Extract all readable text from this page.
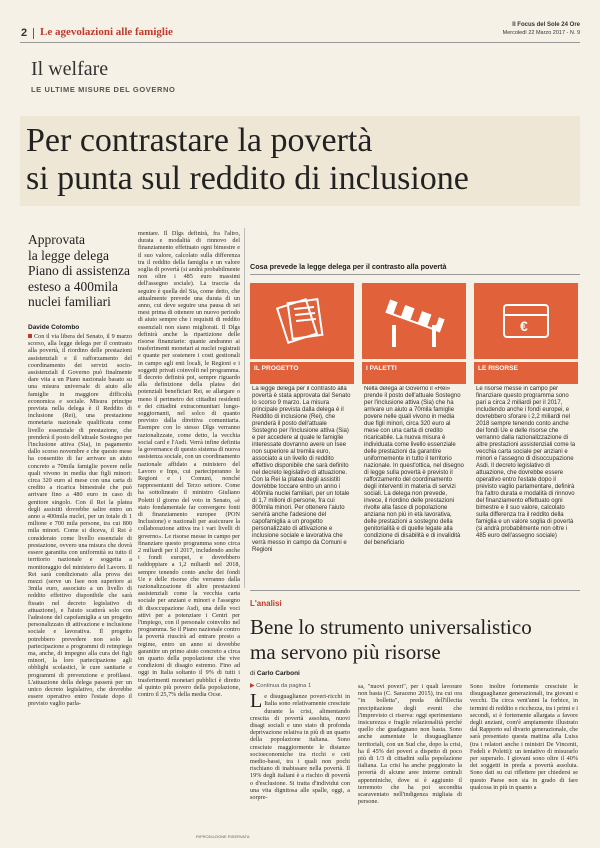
2 Le agevolazioni alle famiglie
Il Focus del Sole 24 Ore
Mercoledì 22 Marzo 2017 - N. 9
Il welfare
LE ULTIME MISURE DEL GOVERNO
Per contrastare la povertà
si punta sul reddito di inclusione
Approvata
la legge delega
Piano di assistenza
esteso a 400mila
nuclei familiari
Davide Colombo
Con il via libera del Senato, il 9 marzo scorso, alla legge delega per il contrasto alla povertà, il riordino delle prestazioni assistenziali e il rafforzamento del coordinamento dei servizi socio-assistenziali il Governo può finalmente dare vita a un Piano nazionale basato su una misura universale di aiuto alle famiglie in maggiore difficoltà economica e sociale. Misura principe prevista nella delega è il Reddito di inclusione (Rei), una prestazione monetaria nazionale qualificata come livello essenziale di prestazione, che prenderà il posto dell'attuale Sostegno per l'inclusione attiva (Sia), in pagamento dallo scorso novembre e che questo mese ha consentito di far arrivare un aiuto concreto a 70mila famiglie povere nelle quali vivono in media due figli minori: circa 320 euro al mese con una carta di credito a ricarica bimestrale che può arrivare fino a 480 euro in caso di genitore singolo. Con il Rei la platea degli assistiti dovrebbe salire entro un anno a 400mila nuclei, per un totale di 1 milione e 700 mila persone, tra cui 800 mila minori. Come si diceva, il Rei è considerato come livello essenziale di prestazione, ovvero una misura che dovrà essere garantita con uniformità su tutto il territorio nazionale e soggetta a monitoraggio del ministero del Lavoro. Il Rei sarà condizionato alla prova dei mezzi (serve un Isee non superiore ai 3mila euro, associato a un livello di reddito effettivo disponibile che sarà fissato nel decreto legislativo di attuazione), e l'aiuto scatterà solo con l'adesione del capofamiglia a un progetto personalizzato di attivazione e inclusione sociale e lavorativa. Il progetto potrebbero prevedere non solo la partecipazione a programmi di reimpiego ma, anche, di impegno alla cura dei figli minori, la loro partecipazione agli obblighi scolastici, le cure sanitarie e programmi di prevenzione e profilassi. L'attuazione della delega passerà per un unico decreto legislativo, che dovrebbe essere operativo entro l'estate dopo il previsto vaglio parla-
mentare. Il Dlgs definirà, fra l'altro, durata e modalità di rinnovo del finanziamento effettuato ogni bimestre e il suo valore, calcolato sulla differenza tra il reddito della famiglia e un valore soglia di povertà (si andrà probabilmente non oltre i 485 euro massimi dell'assegno sociale). La traccia da seguire è quella del Sia, come detto, che attualmente prevede una durata di un anno, cui deve seguire una pausa di sei mesi prima di ottenere un nuovo periodo di aiuto sempre che i requisiti di reddito essenziali non siano migliorati. Il Dlgs definirà anche la ripartizione delle risorse finanziarie: quante andranno ai trasferimenti monetari ai nuclei registrati e quante per sostenere i costi gestionali in campo agli enti locali, le Regioni e i soggetti privati coinvolti nel programma. Il decreto definirà poi, sempre riguardo alla definizione della platea dei potenziali beneficiari Rei, se allargare o meno il perimetro dei cittadini residenti e dei cittadini extracomunitari lungo-soggiornanti, nel solco di quanto previsto dalla direttiva comunitaria. Esempre con lo stesso Dlgs verranno razionalizzate, come detto, la vecchia social card e l'Asdi. Verrà infine definita la governance di questo sistema di nuova assistenza sociale, con un coordinamento nazionale affidato a ministero del Lavoro e Inps, cui parteciperanno le Regioni e i Comuni, nonché rappresentanti del Terzo settore. Come ha sottolineato il ministro Giuliano Poletti il giorno del voto in Senato, «è stato fondamentale far convergere fonti di finanziamento europee (PON Inclusione) e nazionali per assicurare la collaborazione attiva tra i vari livelli di governo». Le risorse messe in campo per finanziare questo programma sono circa 2 miliardi per il 2017, includendo anche i fondi europei, e dovrebbero raddoppiare a 1,2 miliardi nel 2018, sempre tenendo conto anche dei fondi Ue e delle risorse che verranno dalla razionalizzazione di altre prestazioni assistenziali come la vecchia carta sociale per anziani e minori e l'assegno di disoccupazione Asdi, una delle voci attivi per a potenziare i Centri per l'impiego, con il personale coinvolto nel programma. Se il Piano nazionale contro la povertà riuscirà ad entrare presto a regime, entro un anno si dovrebbe garantire un primo aiuto concreto a circa un quarto della popolazione che vive condizioni di disagio estremo. Fino ad oggi in Italia soltanto il 9% di tutti i trasferimenti monetari pubblici è diretto al quinto più povero della popolazione, contro il 25,7% della media Ocse.
Cosa prevede la legge delega per il contrasto alla povertà
IL PROGETTO
La legge delega per il contrasto alla povertà è stata approvata dal Senato lo scorso 9 marzo. La misura principale prevista dalla delega è il Reddito di inclusione (Rei), che prenderà il posto dell'attuale Sostegno per l'inclusione attiva (Sia) e per accedere al quale le famiglie interessate dovranno avere un Isee non superiore al tremila euro, associato a un livello di reddito effettivo disponibile che sarà definito nel decreto legislativo di attuazione. Con la Rei la platea degli assistiti dovrebbe toccare entro un anno i 400mila nuclei familiari, per un totale di 1,7 milioni di persone, fra cui 800mila minori. Per ottenere l'aiuto servirà anche l'adesione del capofamiglia a un progetto personalizzato di attivazione e inclusione sociale e lavorativa che verrà messo in campo da Comuni e Regioni
I PALETTI
Nella delega al Governo il «Rei» prende il posto dell'attuale Sostegno per l'inclusione attiva (Sia) che ha arrivare un aiuto a 70mila famiglie povere nelle quali vivono in media due figli minori, circa 320 euro al mese con una carta di credito ricaricabile. La nuova misura è individuata come livello essenziale delle prestazioni da garantire uniformemente in tutto il territorio nazionale. In quest'ottica, nel disegno di legge sulla povertà è previsto il rafforzamento del coordinamento degli interventi in materia di servizi sociali. La delega non prevede, invece, il riordino delle prestazioni rivolte alla fasce di popolazione anziana non più in età lavorativa, delle prestazioni a sostegno della genitorialità e di quelle legate alla condizione di disabilità e di invalidità del beneficiario
€
LE RISORSE
Le risorse messe in campo per finanziare questo programma sono pari a circa 2 miliardi per il 2017, includendo anche i fondi europei, e dovrebbero sforare i 2,2 miliardi nel 2018 sempre tenendo conto anche dei fondi Ue e delle risorse che verranno dalla razionalizzazione di altre prestazioni assistenziali come la vecchia carta sociale per anziani e minori e l'assegno di disoccupazione Asdi. Il decreto legislativo di attuazione, che dovrebbe essere operativo entro l'estate dopo il previsto vaglio parlamentare, definirà fra l'altro durata e modalità di rinnovo del finanziamento effettuato ogni bimestre e il suo valore, calcolato sulla differenza tra il reddito della famiglia e un valore soglia di povertà (si andrà probabilmente non oltre i 485 euro dell'assegno sociale)
L'analisi
Bene lo strumento universalistico
ma servono più risorse
di Carlo Carboni
▶ Continua da pagina 1
L e disuguaglianze poveri-ricchi in Italia sono relativamente cresciute durante la crisi, alimentando crescita di povertà assoluta, nuovi disagi sociali e uno stato di profonda deprivazione relativa in più di un quarto della popolazione italiana. Sono cresciute maggiormente le distanze socioeconomiche tra ricchi e ceti medio-bassi, tra i quali non pochi rischiano di inabissare nella povertà. Il 19% degli italiani è a rischio di povertà o d'esclusione. Si tratta d'individui con una vita dignitosa alle spalle, oggi, a sorpre-
sa, "nuovi poveri", per i quali lavorare non basta (C. Saraceno 2015), tra cui ora "in bolletta", preda dell'illecita precipitazione degli eventi che l'imprevisto ci riserva: oggi sperimentano insicurezza e fragile relazionalità perché quello che guadagnano non basta. Sono anche aumentate le disuguaglianze territoriali, con un Sud che, dopo la crisi, ha il 45% dei poveri a dispetto di poco più di 1/3 di cittadini sulla popolazione italiana. La crisi ha anche peggiorato la povertà di alcune aree interne centrali appenniniche, dove si è aggiunto il terremoto che ha poi secondita scaraventato nell'indigenza migliaia di persone.
Sono inoltre fortemente cresciute le disuguaglianze generazionali, tra giovani e vecchi. Da circa vent'anni la forbice, in termini di reddito e ricchezza, tra i primi e i secondi, si è fortemente allargata a favore degli anziani, com'è ampiamente illustrato dal Rapporto sul divario generazionale, che sarà presentato questa mattina alla Luiss (tra i relatori anche i ministri De Vincenti, Fedeli e Poletti): un tentativo di misurarlo per superarlo. I giovani sono oltre il 40% dei soggetti in preda a povertà assoluta. Sono dati su cui riflettere per chiedersi se questo Paese non sia in grado di fare qualcosa in più in quanto a
RIPRODUZIONE RISERVATA
